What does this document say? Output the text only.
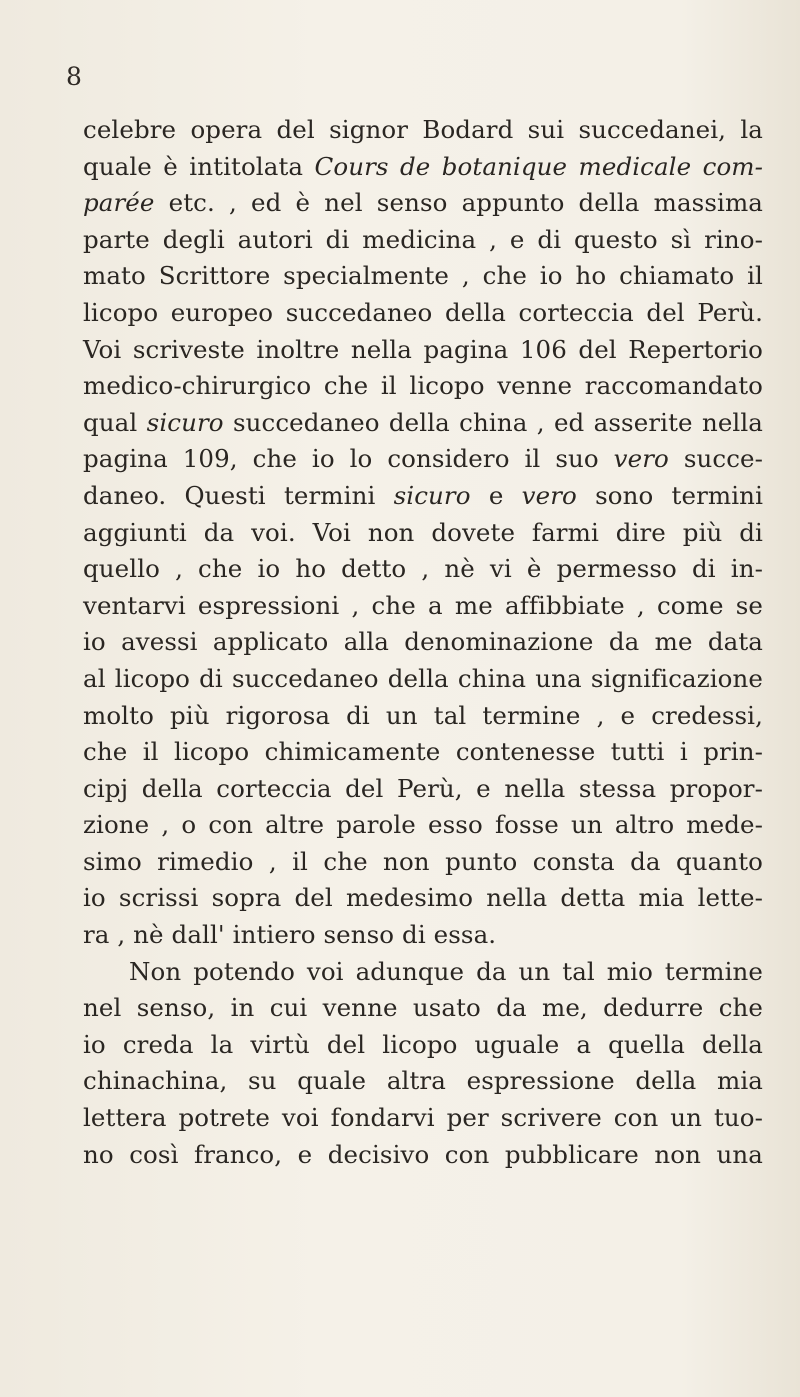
8
celebre opera del signor Bodard sui succedanei, la
quale è intitolata Cours de botanique medicale com-
parée etc. , ed è nel senso appunto della massima
parte degli autori di medicina , e di questo sì rino-
mato Scrittore specialmente , che io ho chiamato il
licopo europeo succedaneo della corteccia del Perù.
Voi scriveste inoltre nella pagina 106 del Repertorio
medico-chirurgico che il licopo venne raccomandato
qual sicuro succedaneo della china , ed asserite nella
pagina 109, che io lo considero il suo vero succe-
daneo. Questi termini sicuro e vero sono termini
aggiunti da voi. Voi non dovete farmi dire più di
quello , che io ho detto , nè vi è permesso di in-
ventarvi espressioni , che a me affibbiate , come se
io avessi applicato alla denominazione da me data
al licopo di succedaneo della china una significazione
molto più rigorosa di un tal termine , e credessi,
che il licopo chimicamente contenesse tutti i prin-
cipj della corteccia del Perù, e nella stessa propor-
zione , o con altre parole esso fosse un altro mede-
simo rimedio , il che non punto consta da quanto
io scrissi sopra del medesimo nella detta mia lette-
ra , nè dall' intiero senso di essa.
Non potendo voi adunque da un tal mio termine
nel senso, in cui venne usato da me, dedurre che
io creda la virtù del licopo uguale a quella della
chinachina, su quale altra espressione della mia
lettera potrete voi fondarvi per scrivere con un tuo-
no così franco, e decisivo con pubblicare non una
